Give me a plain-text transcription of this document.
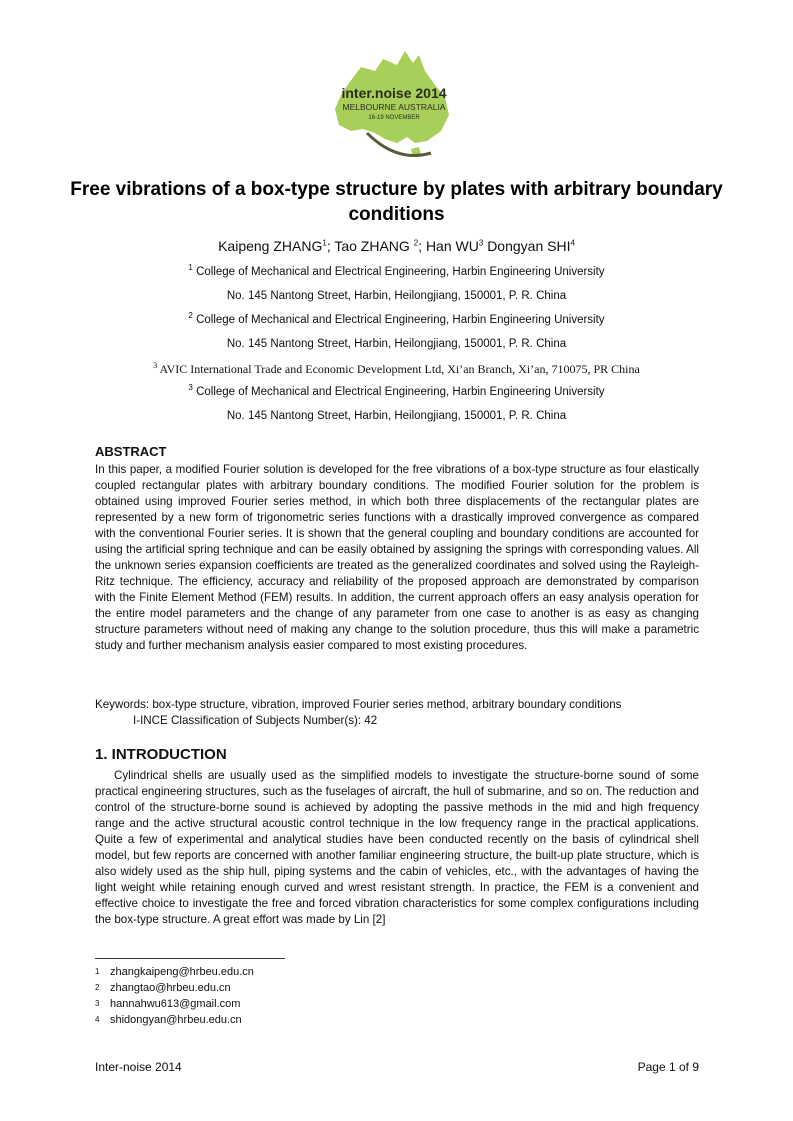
inter.noise 2014
MELBOURNE AUSTRALIA
16-19 NOVEMBER
Free vibrations of a box-type structure by plates with arbitrary boundary conditions
Kaipeng ZHANG$^1$; Tao ZHANG $^2$; Han $WU^3$ Dongyan SHI$^4$
$^1$ College of Mechanical and Electrical Engineering, Harbin Engineering University
No. 145 Nantong Street, Harbin, Heilongjiang, 150001, P. R. China
$^2$ College of Mechanical and Electrical Engineering, Harbin Engineering University
No. 145 Nantong Street, Harbin, Heilongjiang, 150001, P. R. China
$^3$ AVIC International Trade and Economic Development Ltd, Xi’an Branch, Xi’an, 710075, PR China
$^3$ College of Mechanical and Electrical Engineering, Harbin Engineering University
No. 145 Nantong Street, Harbin, Heilongjiang, 150001, P. R. China
ABSTRACT
In this paper, a modified Fourier solution is developed for the free vibrations of a box-type structure as four elastically coupled rectangular plates with arbitrary boundary conditions. The modified Fourier solution for the problem is obtained using improved Fourier series method, in which both three displacements of the rectangular plates are represented by a new form of trigonometric series functions with a drastically improved convergence as compared with the conventional Fourier series. It is shown that the general coupling and boundary conditions are accounted for using the artificial spring technique and can be easily obtained by assigning the springs with corresponding values. All the unknown series expansion coefficients are treated as the generalized coordinates and solved using the Rayleigh-Ritz technique. The efficiency, accuracy and reliability of the proposed approach are demonstrated by comparison with the Finite Element Method (FEM) results. In addition, the current approach offers an easy analysis operation for the entire model parameters and the change of any parameter from one case to another is as easy as changing structure parameters without need of making any change to the solution procedure, thus this will make a parametric study and further mechanism analysis easier compared to most existing procedures.
Keywords: box-type structure, vibration, improved Fourier series method, arbitrary boundary conditions
I-INCE Classification of Subjects Number(s): 42
1. INTRODUCTION
Cylindrical shells are usually used as the simplified models to investigate the structure-borne sound of some practical engineering structures, such as the fuselages of aircraft, the hull of submarine, and so on. The reduction and control of the structure-borne sound is achieved by adopting the passive methods in the mid and high frequency range and the active structural acoustic control technique in the low frequency range in the practical applications. Quite a few of experimental and analytical studies have been conducted recently on the basis of cylindrical shell model, but few reports are concerned with another familiar engineering structure, the built-up plate structure, which is also widely used as the ship hull, piping systems and the cabin of vehicles, etc., with the advantages of having the light weight while retaining enough curved and wrest resistant strength. In practice, the FEM is a convenient and effective choice to investigate the free and forced vibration characteristics for some complex configurations including the box-type structure. A great effort was made by Lin [2]
1 zhangkaipeng@hrbeu.edu.cn
2 zhangtao@hrbeu.edu.cn
3 hannahwu613@gmail.com
4 shidongyan@hrbeu.edu.cn
Inter-noise 2014	Page 1 of 9
